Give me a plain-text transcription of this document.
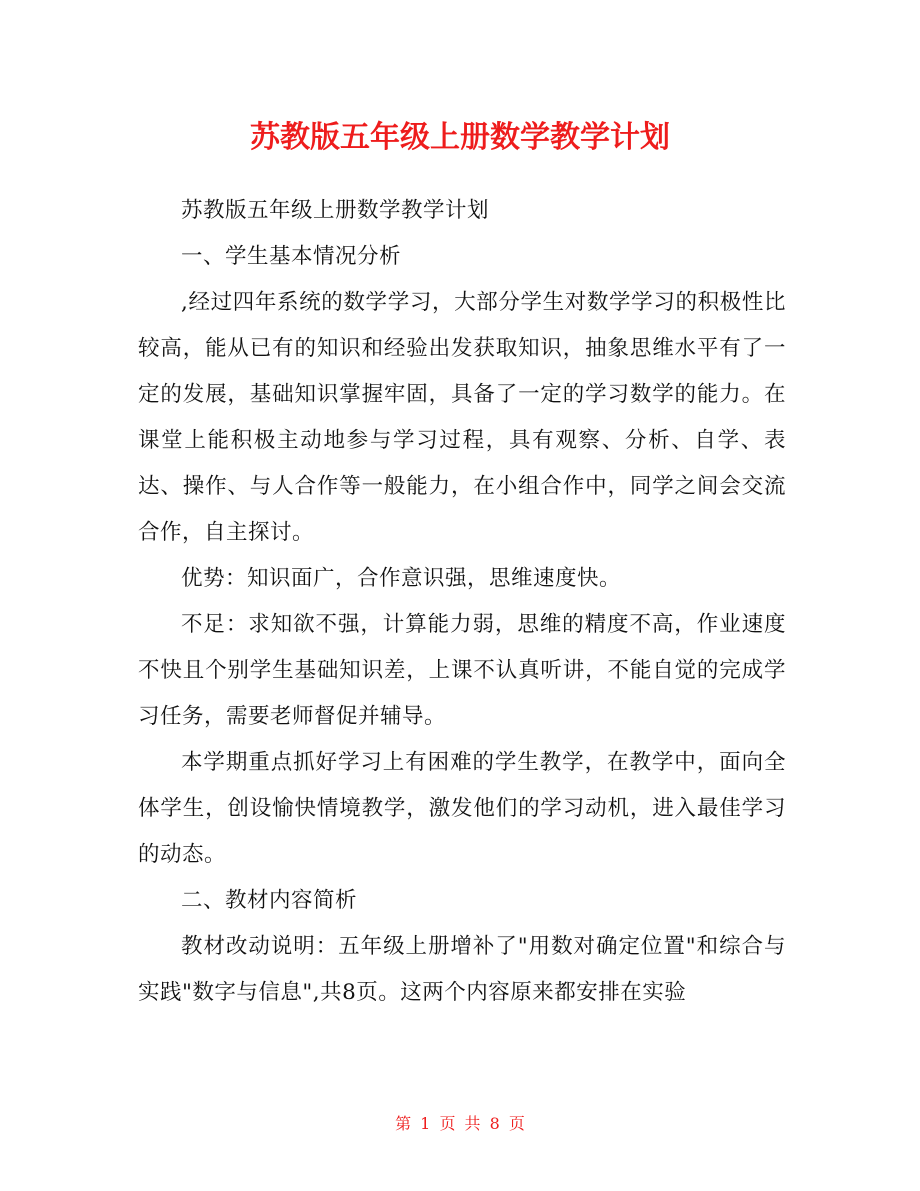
苏教版五年级上册数学教学计划

苏教版五年级上册数学教学计划

一、学生基本情况分析

,经过四年系统的数学学习，大部分学生对数学学习的积极性比较高，能从已有的知识和经验出发获取知识，抽象思维水平有了一定的发展，基础知识掌握牢固，具备了一定的学习数学的能力。在课堂上能积极主动地参与学习过程，具有观察、分析、自学、表达、操作、与人合作等一般能力，在小组合作中，同学之间会交流合作，自主探讨。

优势：知识面广，合作意识强，思维速度快。

不足：求知欲不强，计算能力弱，思维的精度不高，作业速度不快且个别学生基础知识差，上课不认真听讲，不能自觉的完成学习任务，需要老师督促并辅导。

本学期重点抓好学习上有困难的学生教学，在教学中，面向全体学生，创设愉快情境教学，激发他们的学习动机，进入最佳学习的动态。

二、教材内容简析

教材改动说明：五年级上册增补了"用数对确定位置"和综合与实践"数字与信息",共8页。这两个内容原来都安排在实验

第 1 页 共 8 页
